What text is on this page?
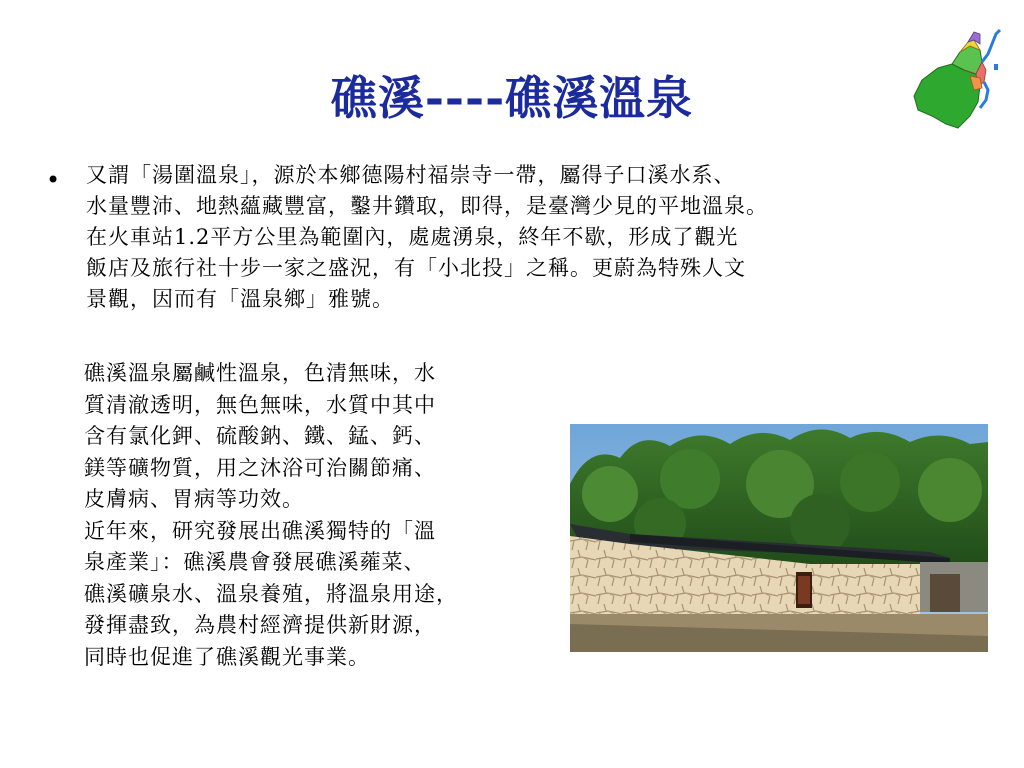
礁溪----礁溪溫泉
• 又謂「湯圍溫泉」，源於本鄉德陽村福崇寺一帶，屬得子口溪水系、
水量豐沛、地熱蘊藏豐富，鑿井鑽取，即得，是臺灣少見的平地溫泉。
在火車站1.2平方公里為範圍內，處處湧泉，終年不歇，形成了觀光
飯店及旅行社十步一家之盛況，有「小北投」之稱。更蔚為特殊人文
景觀，因而有「溫泉鄉」雅號。
礁溪溫泉屬鹹性溫泉，色清無味，水
質清澈透明，無色無味，水質中其中
含有氯化鉀、硫酸鈉、鐵、錳、鈣、
鎂等礦物質，用之沐浴可治關節痛、
皮膚病、胃病等功效。
近年來，研究發展出礁溪獨特的「溫
泉產業」：礁溪農會發展礁溪蕹菜、
礁溪礦泉水、溫泉養殖，將溫泉用途，
發揮盡致，為農村經濟提供新財源，
同時也促進了礁溪觀光事業。
